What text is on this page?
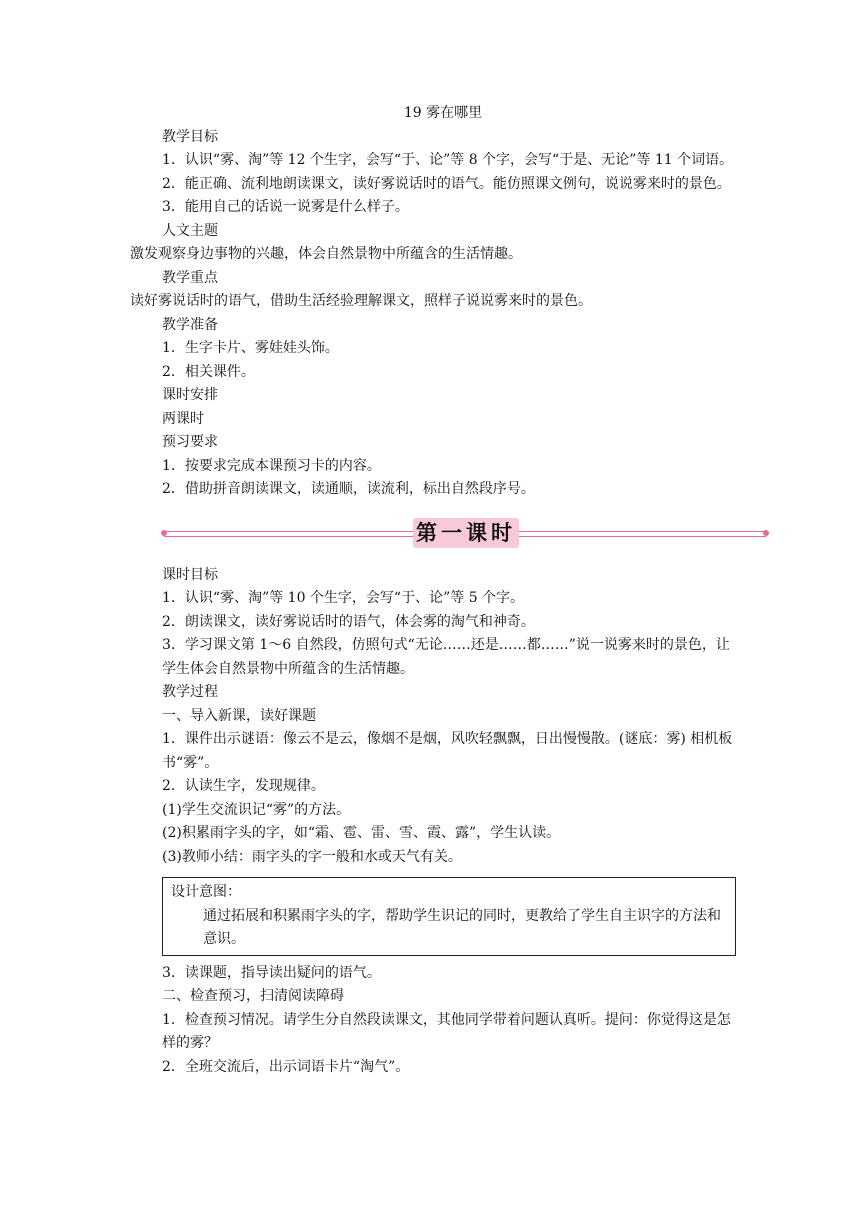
19 雾在哪里
教学目标
1．认识“雾、淘”等 12 个生字，会写“于、论”等 8 个字，会写“于是、无论”等 11 个词语。
2．能正确、流利地朗读课文，读好雾说话时的语气。能仿照课文例句，说说雾来时的景色。
3．能用自己的话说一说雾是什么样子。
人文主题
激发观察身边事物的兴趣，体会自然景物中所蕴含的生活情趣。
教学重点
读好雾说话时的语气，借助生活经验理解课文，照样子说说雾来时的景色。
教学准备
1．生字卡片、雾娃娃头饰。
2．相关课件。
课时安排
两课时
预习要求
1．按要求完成本课预习卡的内容。
2．借助拼音朗读课文，读通顺，读流利，标出自然段序号。
第一课时
课时目标
1．认识“雾、淘”等 10 个生字，会写“于、论”等 5 个字。
2．朗读课文，读好雾说话时的语气，体会雾的淘气和神奇。
3．学习课文第 1～6 自然段，仿照句式“无论……还是……都……”说一说雾来时的景色，让学生体会自然景物中所蕴含的生活情趣。
教学过程
一、导入新课，读好课题
1．课件出示谜语：像云不是云，像烟不是烟，风吹轻飘飘，日出慢慢散。(谜底：雾) 相机板书“雾”。
2．认读生字，发现规律。
(1)学生交流识记“雾”的方法。
(2)积累雨字头的字，如“霜、雹、雷、雪、霞、露”，学生认读。
(3)教师小结：雨字头的字一般和水或天气有关。
设计意图：
通过拓展和积累雨字头的字，帮助学生识记的同时，更教给了学生自主识字的方法和意识。
3．读课题，指导读出疑问的语气。
二、检查预习，扫清阅读障碍
1．检查预习情况。请学生分自然段读课文，其他同学带着问题认真听。提问：你觉得这是怎样的雾？
2．全班交流后，出示词语卡片“淘气”。
